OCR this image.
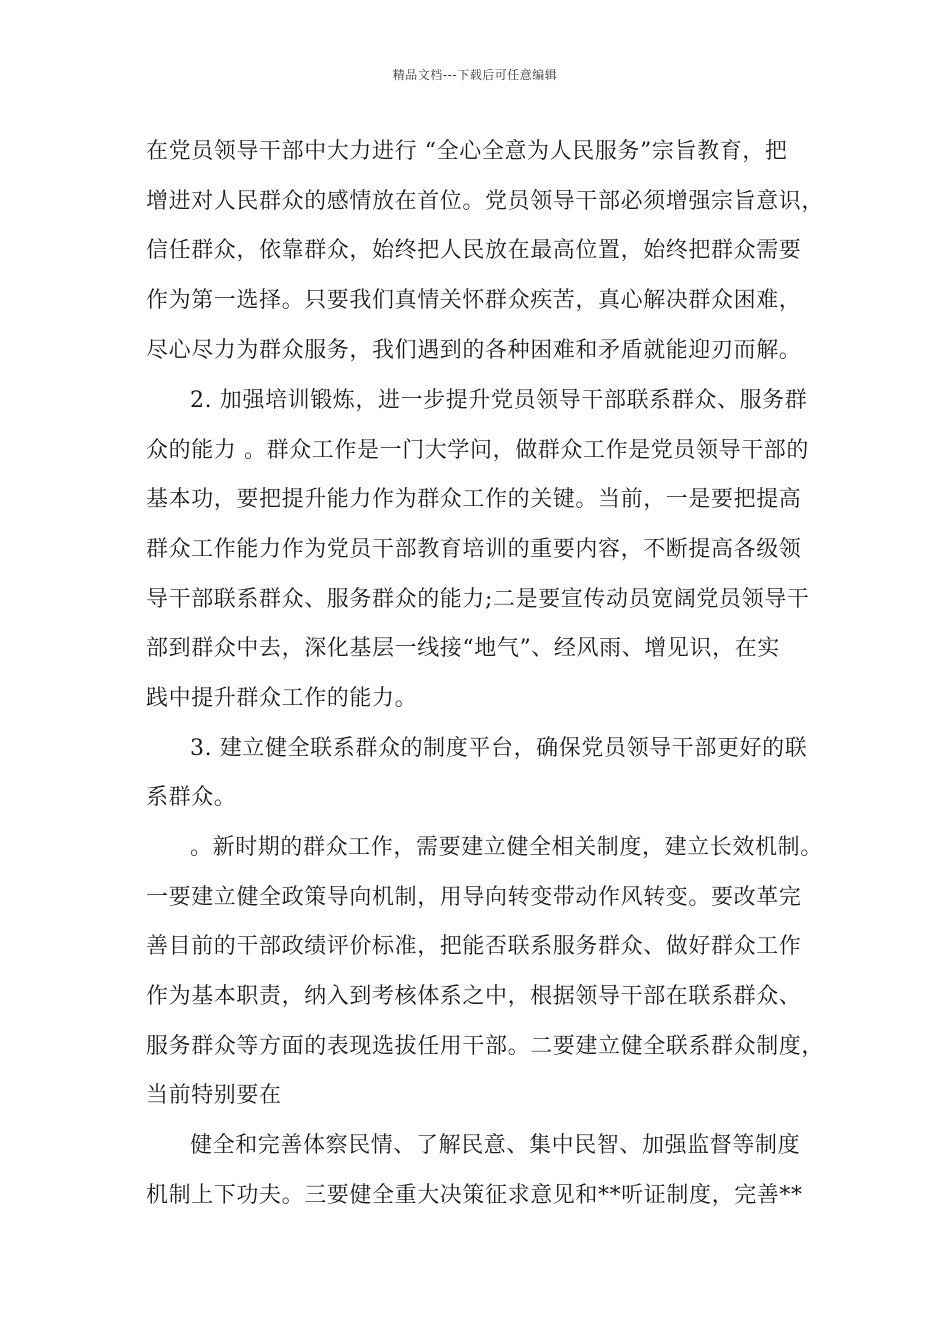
精品文档---下载后可任意编辑
在党员领导干部中大力进行 “全心全意为人民服务”宗旨教育，把
增进对人民群众的感情放在首位。党员领导干部必须增强宗旨意识，
信任群众，依靠群众，始终把人民放在最高位置，始终把群众需要
作为第一选择。只要我们真情关怀群众疾苦，真心解决群众困难，
尽心尽力为群众服务，我们遇到的各种困难和矛盾就能迎刃而解。
2. 加强培训锻炼，进一步提升党员领导干部联系群众、服务群
众的能力 。群众工作是一门大学问，做群众工作是党员领导干部的
基本功，要把提升能力作为群众工作的关键。当前，一是要把提高
群众工作能力作为党员干部教育培训的重要内容，不断提高各级领
导干部联系群众、服务群众的能力;二是要宣传动员宽阔党员领导干
部到群众中去，深化基层一线接“地气”、经风雨、增见识，在实
践中提升群众工作的能力。
3. 建立健全联系群众的制度平台，确保党员领导干部更好的联
系群众。
。新时期的群众工作，需要建立健全相关制度，建立长效机制。
一要建立健全政策导向机制，用导向转变带动作风转变。要改革完
善目前的干部政绩评价标准，把能否联系服务群众、做好群众工作
作为基本职责，纳入到考核体系之中，根据领导干部在联系群众、
服务群众等方面的表现选拔任用干部。二要建立健全联系群众制度，
当前特别要在
健全和完善体察民情、了解民意、集中民智、加强监督等制度
机制上下功夫。三要健全重大决策征求意见和**听证制度，完善**
